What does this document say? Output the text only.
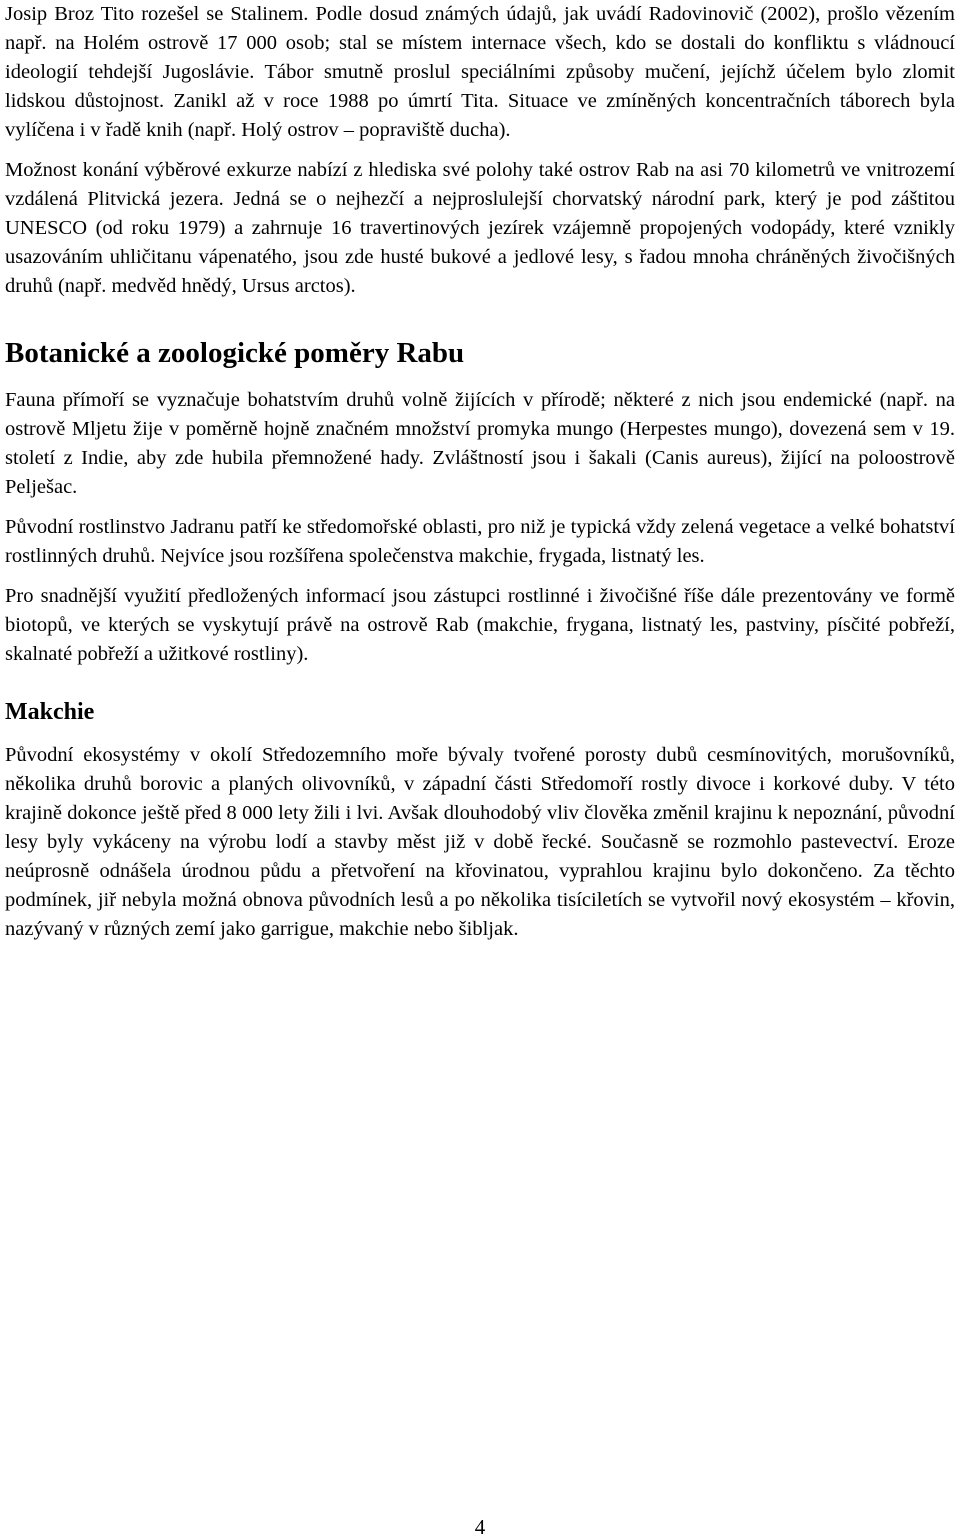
Josip Broz Tito rozešel se Stalinem. Podle dosud známých údajů, jak uvádí Radovinovič (2002), prošlo vězením např. na Holém ostrově 17 000 osob; stal se místem internace všech, kdo se dostali do konfliktu s vládnoucí ideologií tehdejší Jugoslávie. Tábor smutně proslul speciálními způsoby mučení, jejíchž účelem bylo zlomit lidskou důstojnost. Zanikl až v roce 1988 po úmrtí Tita. Situace ve zmíněných koncentračních táborech byla vylíčena i v řadě knih (např. Holý ostrov – popraviště ducha).

Možnost konání výběrové exkurze nabízí z hlediska své polohy také ostrov Rab na asi 70 kilometrů ve vnitrozemí vzdálená Plitvická jezera. Jedná se o nejhezčí a nejproslulejší chorvatský národní park, který je pod záštitou UNESCO (od roku 1979) a zahrnuje 16 travertinových jezírek vzájemně propojených vodopády, které vznikly usazováním uhličitanu vápenatého, jsou zde husté bukové a jedlové lesy, s řadou mnoha chráněných živočišných druhů (např. medvěd hnědý, Ursus arctos).

Botanické a zoologické poměry Rabu

Fauna přímoří se vyznačuje bohatstvím druhů volně žijících v přírodě; některé z nich jsou endemické (např. na ostrově Mljetu žije v poměrně hojně značném množství promyka mungo (Herpestes mungo), dovezená sem v 19. století z Indie, aby zde hubila přemnožené hady. Zvláštností jsou i šakali (Canis aureus), žijící na poloostrově Pelješac.

Původní rostlinstvo Jadranu patří ke středomořské oblasti, pro niž je typická vždy zelená vegetace a velké bohatství rostlinných druhů. Nejvíce jsou rozšířena společenstva makchie, frygada, listnatý les.

Pro snadnější využití předložených informací jsou zástupci rostlinné i živočišné říše dále prezentovány ve formě biotopů, ve kterých se vyskytují právě na ostrově Rab (makchie, frygana, listnatý les, pastviny, písčité pobřeží, skalnaté pobřeží a užitkové rostliny).

Makchie

Původní ekosystémy v okolí Středozemního moře bývaly tvořené porosty dubů cesmínovitých, morušovníků, několika druhů borovic a planých olivovníků, v západní části Středomoří rostly divoce i korkové duby. V této krajině dokonce ještě před 8 000 lety žili i lvi. Avšak dlouhodobý vliv člověka změnil krajinu k nepoznání, původní lesy byly vykáceny na výrobu lodí a stavby měst již v době řecké. Současně se rozmohlo pastevectví. Eroze neúprosně odnášela úrodnou půdu a přetvoření na křovinatou, vyprahlou krajinu bylo dokončeno. Za těchto podmínek, jiř nebyla možná obnova původních lesů a po několika tisíciletích se vytvořil nový ekosystém – křovin, nazývaný v různých zemí jako garrigue, makchie nebo šibljak.

4
